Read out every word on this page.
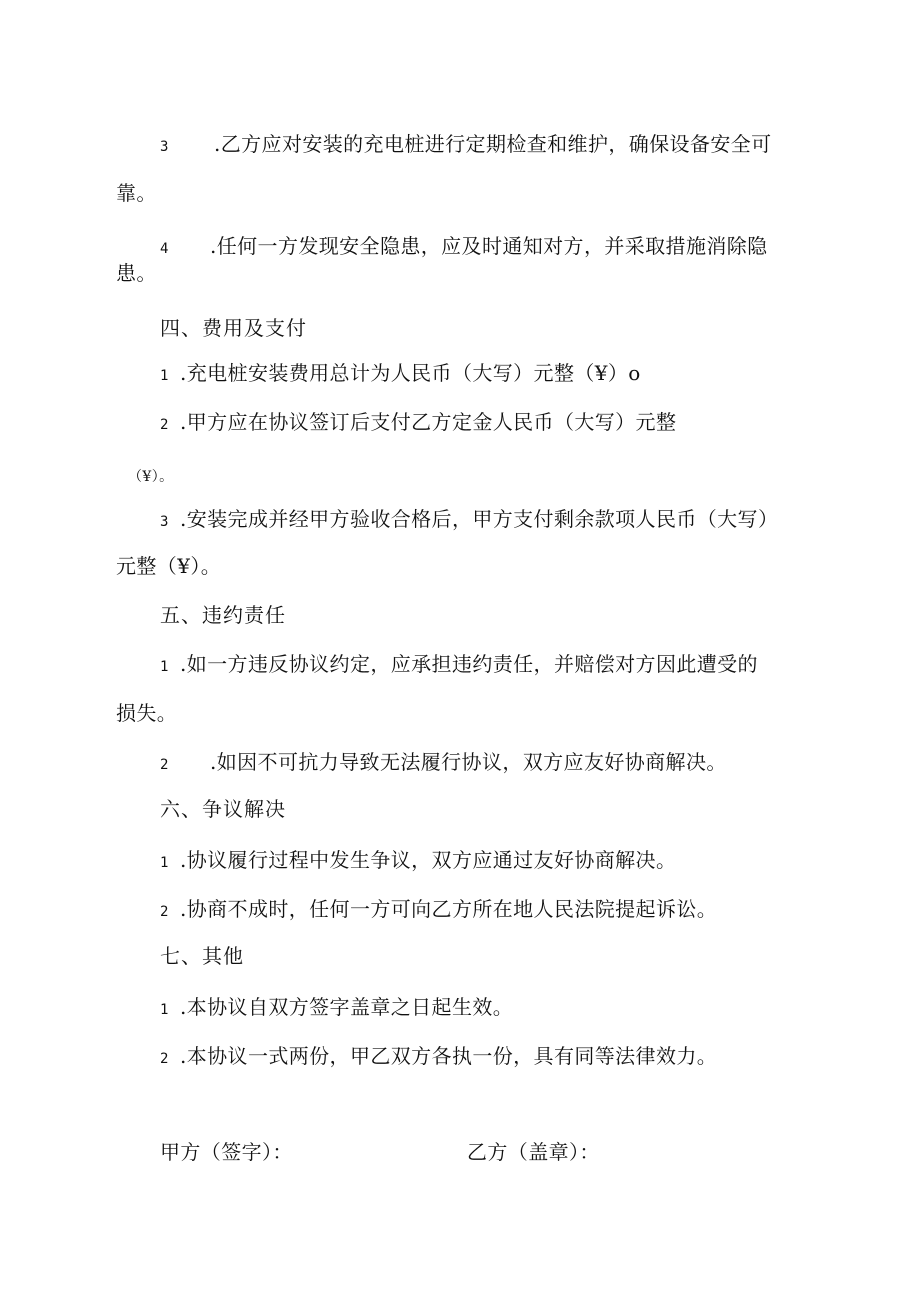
3 .乙方应对安装的充电桩进行定期检查和维护，确保设备安全可
靠。
4 .任何一方发现安全隐患，应及时通知对方，并采取措施消除隐
患。
四、费用及支付
1 .充电桩安装费用总计为人民币（大写）元整（¥）o
2 .甲方应在协议签订后支付乙方定金人民币（大写）元整
（¥）。
3 .安装完成并经甲方验收合格后，甲方支付剩余款项人民币（大写）
元整（¥）。
五、违约责任
1 .如一方违反协议约定，应承担违约责任，并赔偿对方因此遭受的
损失。
2 .如因不可抗力导致无法履行协议，双方应友好协商解决。
六、争议解决
1 .协议履行过程中发生争议，双方应通过友好协商解决。
2 .协商不成时，任何一方可向乙方所在地人民法院提起诉讼。
七、其他
1 .本协议自双方签字盖章之日起生效。
2 .本协议一式两份，甲乙双方各执一份，具有同等法律效力。
甲方（签字）：	乙方（盖章）：
